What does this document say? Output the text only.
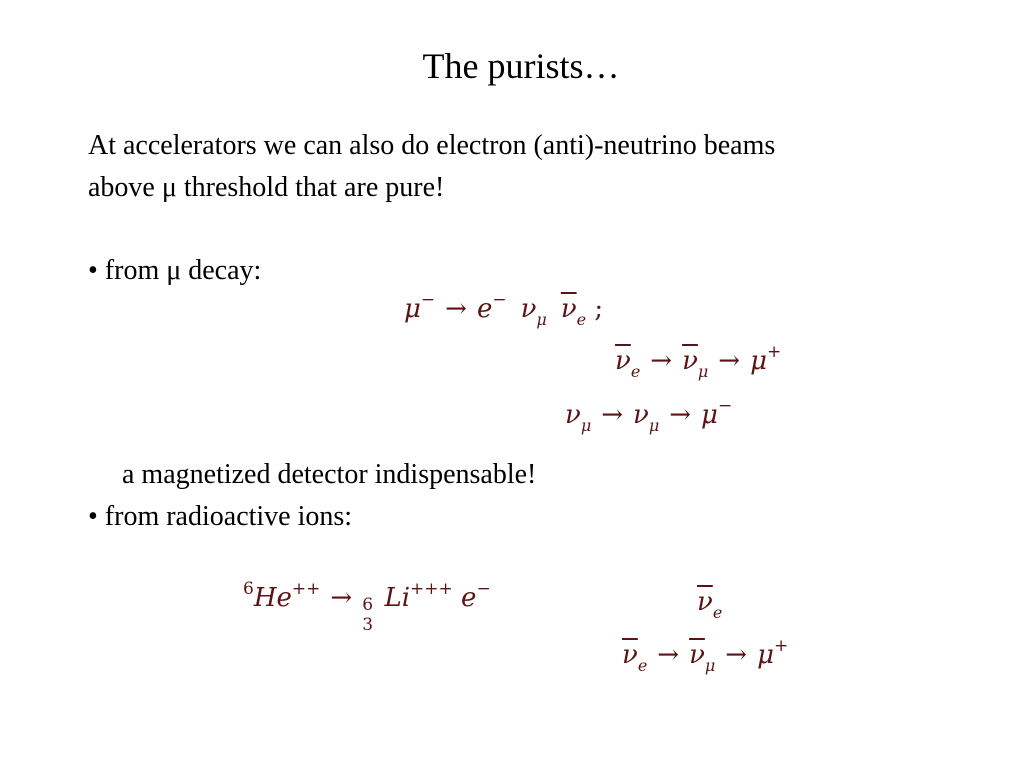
The purists…
At accelerators we can also do electron (anti)-neutrino beams
above μ threshold that are pure!
• from μ decay:
μ− → e− $\nu_\mu$ $\overline{\nu}_e$ ;
$\overline{\nu}_e \to \overline{\nu}_\mu \to \mu^+$
$\nu_\mu \to \nu_\mu \to \mu^-$
a magnetized detector indispensable!
• from radioactive ions:
$^6$He++ → 6
3
Li+++ e−	$\overline{\nu}_e$
$\overline{\nu}_e \to \overline{\nu}_\mu \to \mu^+$
